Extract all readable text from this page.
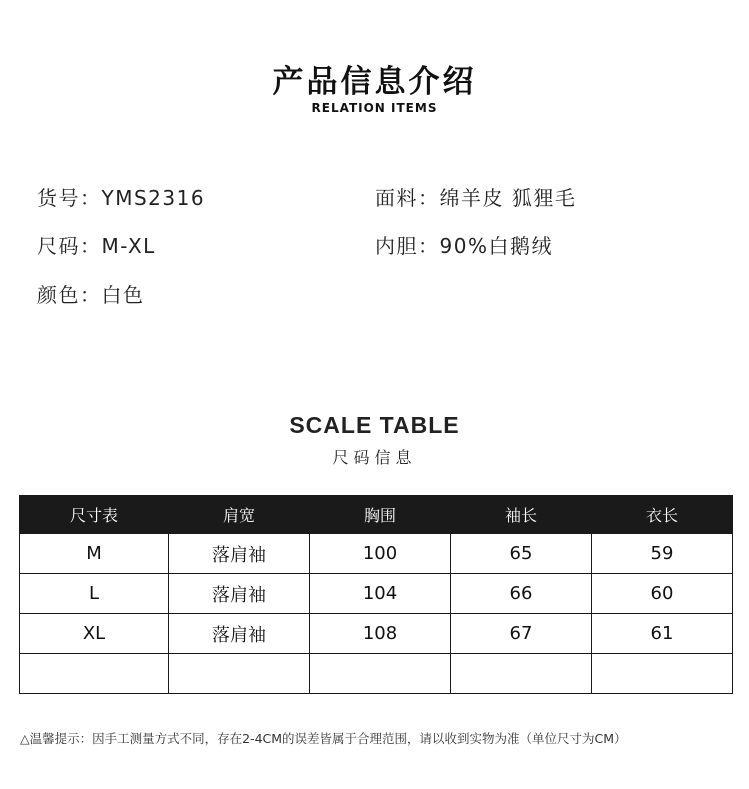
产品信息介绍
RELATION ITEMS
货号：YMS2316	面料：绵羊皮 狐狸毛
尺码：M-XL	内胆：90%白鹅绒
颜色：白色
SCALE TABLE
尺码信息
尺寸表	肩宽	胸围	袖长	衣长
M	落肩袖	100	65	59
L	落肩袖	104	66	60
XL	落肩袖	108	67	61

△温馨提示：因手工测量方式不同，存在2-4CM的误差皆属于合理范围，请以收到实物为准（单位尺寸为CM）
